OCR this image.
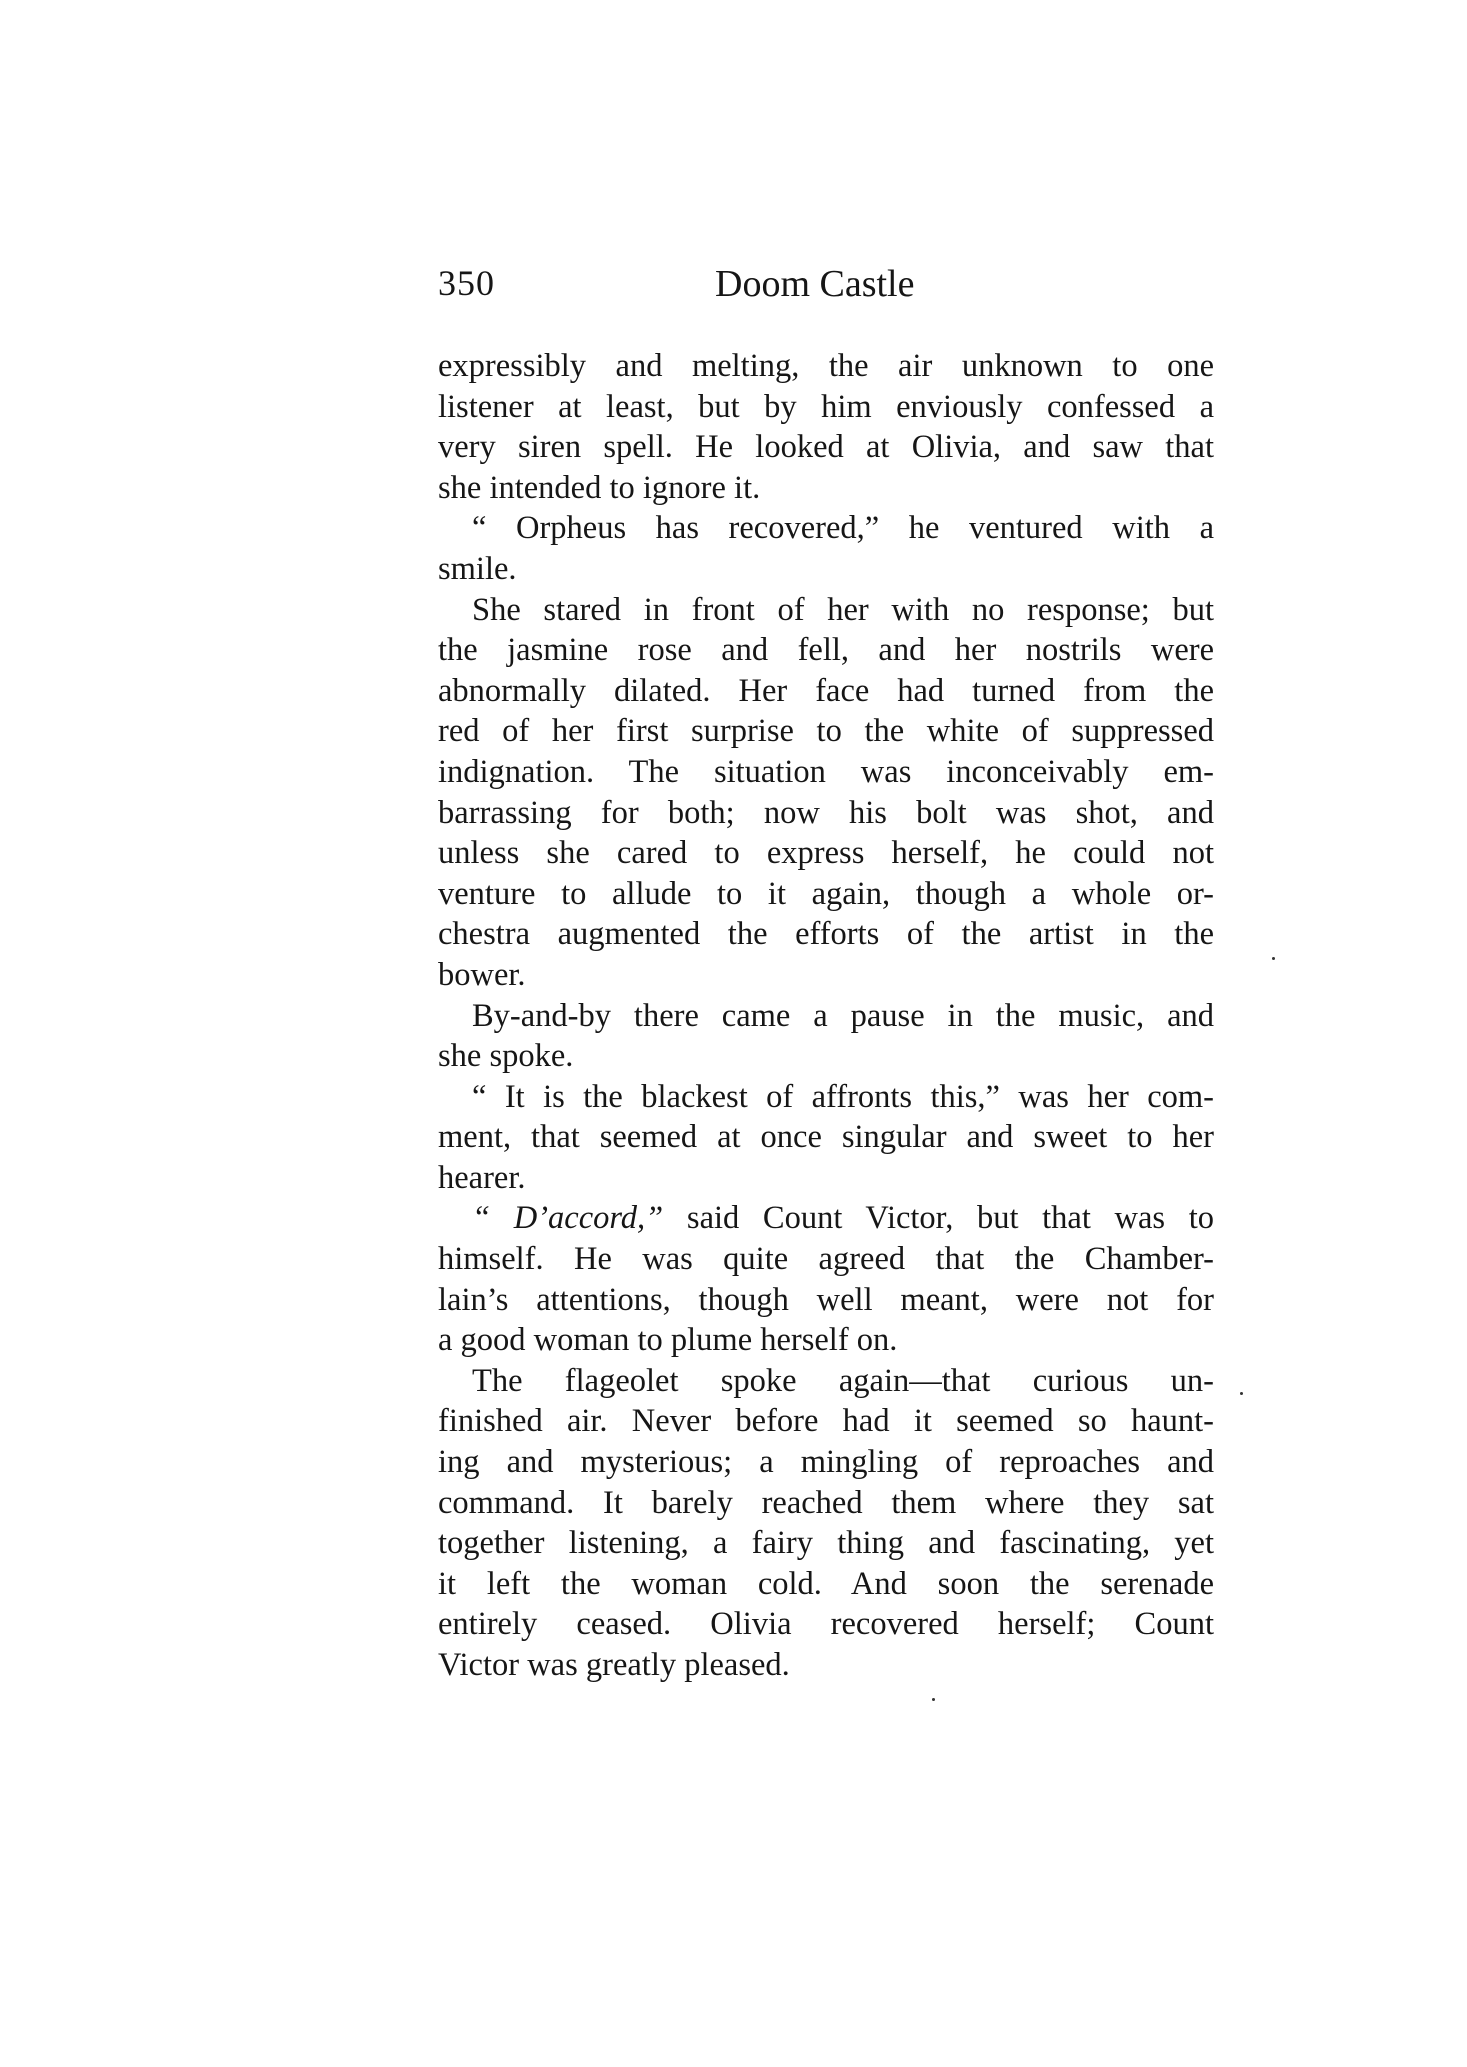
350	Doom Castle
expressibly and melting, the air unknown to one
listener at least, but by him enviously confessed a
very siren spell. He looked at Olivia, and saw that
she intended to ignore it.
“ Orpheus has recovered,” he ventured with a
smile.
She stared in front of her with no response; but
the jasmine rose and fell, and her nostrils were
abnormally dilated. Her face had turned from the
red of her first surprise to the white of suppressed
indignation. The situation was inconceivably em-
barrassing for both; now his bolt was shot, and
unless she cared to express herself, he could not
venture to allude to it again, though a whole or-
chestra augmented the efforts of the artist in the
bower.
By-and-by there came a pause in the music, and
she spoke.
“ It is the blackest of affronts this,” was her com-
ment, that seemed at once singular and sweet to her
hearer.
“ D’accord,” said Count Victor, but that was to
himself. He was quite agreed that the Chamber-
lain’s attentions, though well meant, were not for
a good woman to plume herself on.
The flageolet spoke again—that curious un-
finished air. Never before had it seemed so haunt-
ing and mysterious; a mingling of reproaches and
command. It barely reached them where they sat
together listening, a fairy thing and fascinating, yet
it left the woman cold. And soon the serenade
entirely ceased. Olivia recovered herself; Count
Victor was greatly pleased.
